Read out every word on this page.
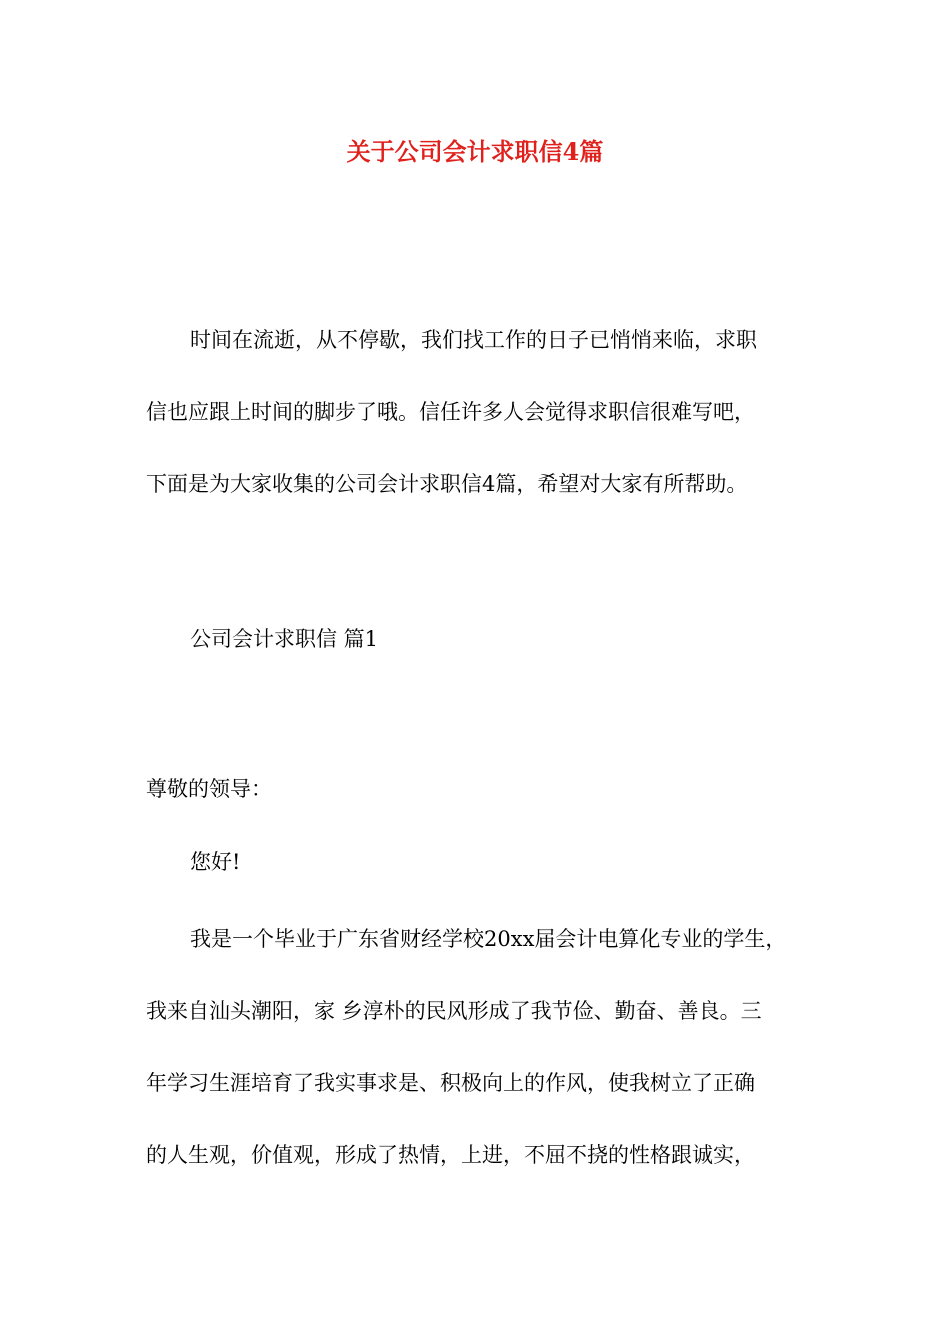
关于公司会计求职信4篇
时间在流逝，从不停歇，我们找工作的日子已悄悄来临，求职
信也应跟上时间的脚步了哦。信任许多人会觉得求职信很难写吧，
下面是为大家收集的公司会计求职信4篇，希望对大家有所帮助。
公司会计求职信 篇1
尊敬的领导：
您好!
我是一个毕业于广东省财经学校20xx届会计电算化专业的学生，
我来自汕头潮阳，家 乡淳朴的民风形成了我节俭、勤奋、善良。三
年学习生涯培育了我实事求是、积极向上的作风，使我树立了正确
的人生观，价值观，形成了热情，上进，不屈不挠的性格跟诚实，
